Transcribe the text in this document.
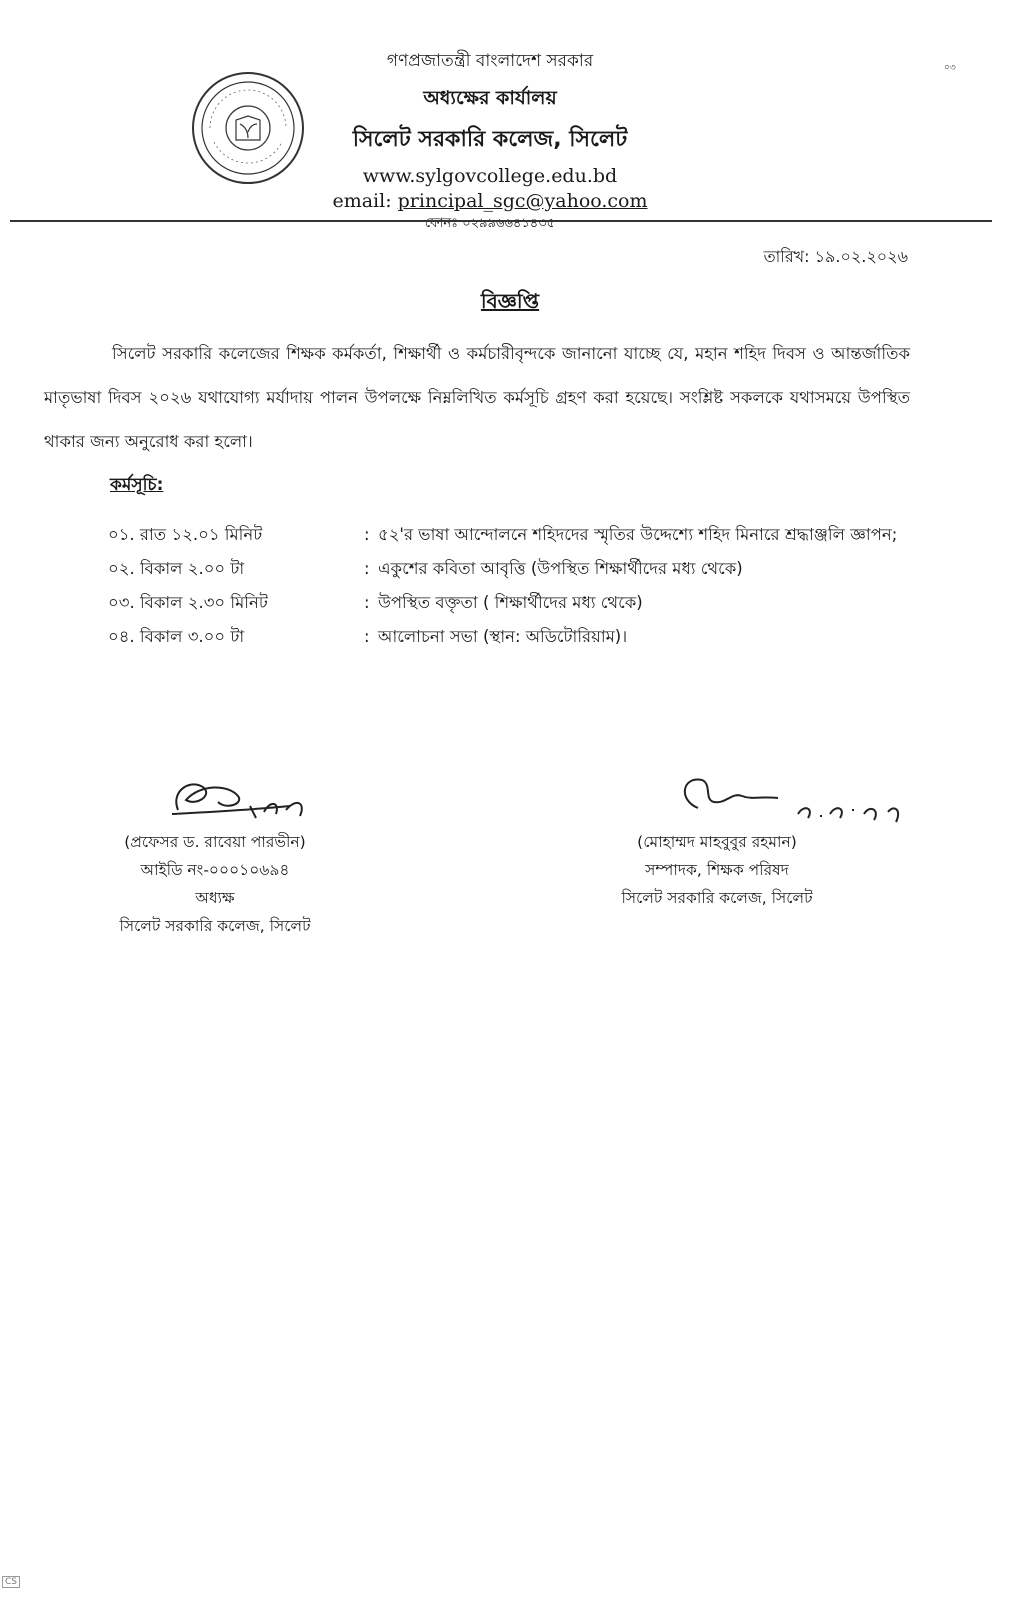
গণপ্রজাতন্ত্রী বাংলাদেশ সরকার
অধ্যক্ষের কার্যালয়
সিলেট সরকারি কলেজ, সিলেট
www.sylgovcollege.edu.bd
email: principal_sgc@yahoo.com
ফোনঃ ০২৯৯৬৬৪১৪৩৫
০৩
তারিখ: ১৯.০২.২০২৬
বিজ্ঞপ্তি
সিলেট সরকারি কলেজের শিক্ষক কর্মকর্তা, শিক্ষার্থী ও কর্মচারীবৃন্দকে জানানো যাচ্ছে যে, মহান শহিদ দিবস ও আন্তর্জাতিক মাতৃভাষা দিবস ২০২৬ যথাযোগ্য মর্যাদায় পালন উপলক্ষে নিম্নলিখিত কর্মসূচি গ্রহণ করা হয়েছে। সংশ্লিষ্ট সকলকে যথাসময়ে উপস্থিত থাকার জন্য অনুরোধ করা হলো।
কর্মসূচি:
০১. রাত ১২.০১ মিনিট	: ৫২'র ভাষা আন্দোলনে শহিদদের স্মৃতির উদ্দেশ্যে শহিদ মিনারে শ্রদ্ধাঞ্জলি জ্ঞাপন;
০২. বিকাল ২.০০ টা	: একুশের কবিতা আবৃত্তি (উপস্থিত শিক্ষার্থীদের মধ্য থেকে)
০৩. বিকাল ২.৩০ মিনিট	: উপস্থিত বক্তৃতা ( শিক্ষার্থীদের মধ্য থেকে)
০৪. বিকাল ৩.০০ টা	: আলোচনা সভা (স্থান: অডিটোরিয়াম)।
(প্রফেসর ড. রাবেয়া পারভীন)
আইডি নং-০০০১০৬৯৪
অধ্যক্ষ
সিলেট সরকারি কলেজ, সিলেট
(মোহাম্মদ মাহবুবুর রহমান)
সম্পাদক, শিক্ষক পরিষদ
সিলেট সরকারি কলেজ, সিলেট
CS
